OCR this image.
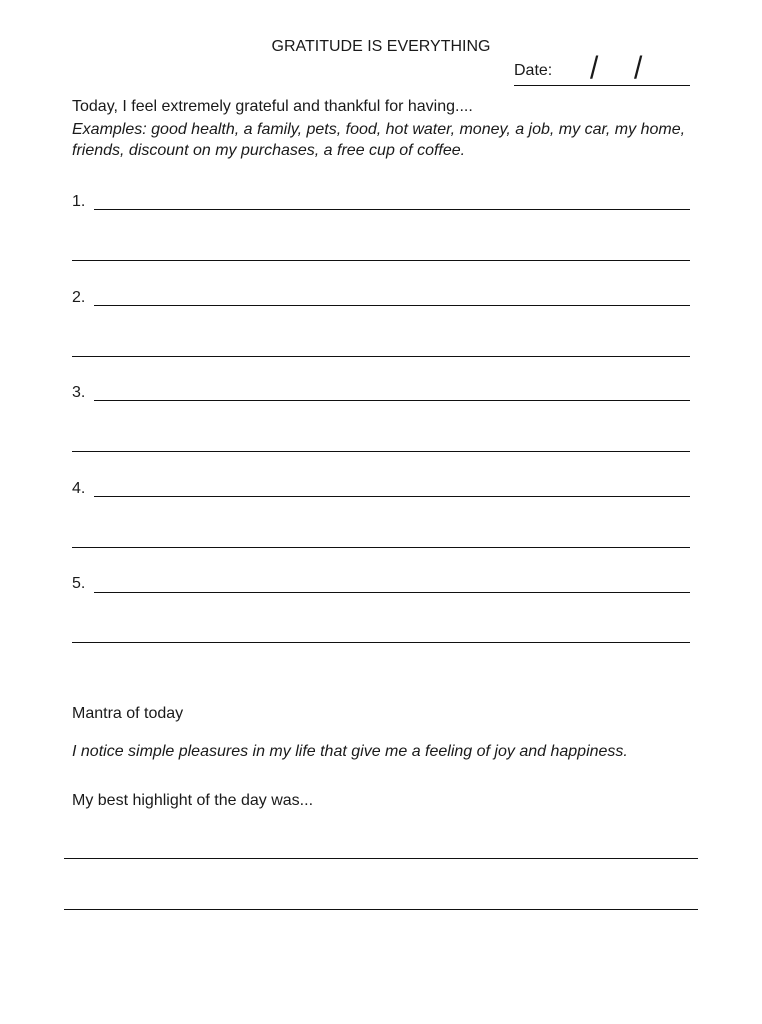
GRATITUDE IS EVERYTHING
Date: / /
Today, I feel extremely grateful and thankful for having....
Examples: good health, a family, pets, food, hot water, money, a job, my car, my home, friends, discount on my purchases, a free cup of coffee.
1.
2.
3.
4.
5.
Mantra of today
I notice simple pleasures in my life that give me a feeling of joy and happiness.
My best highlight of the day was...
